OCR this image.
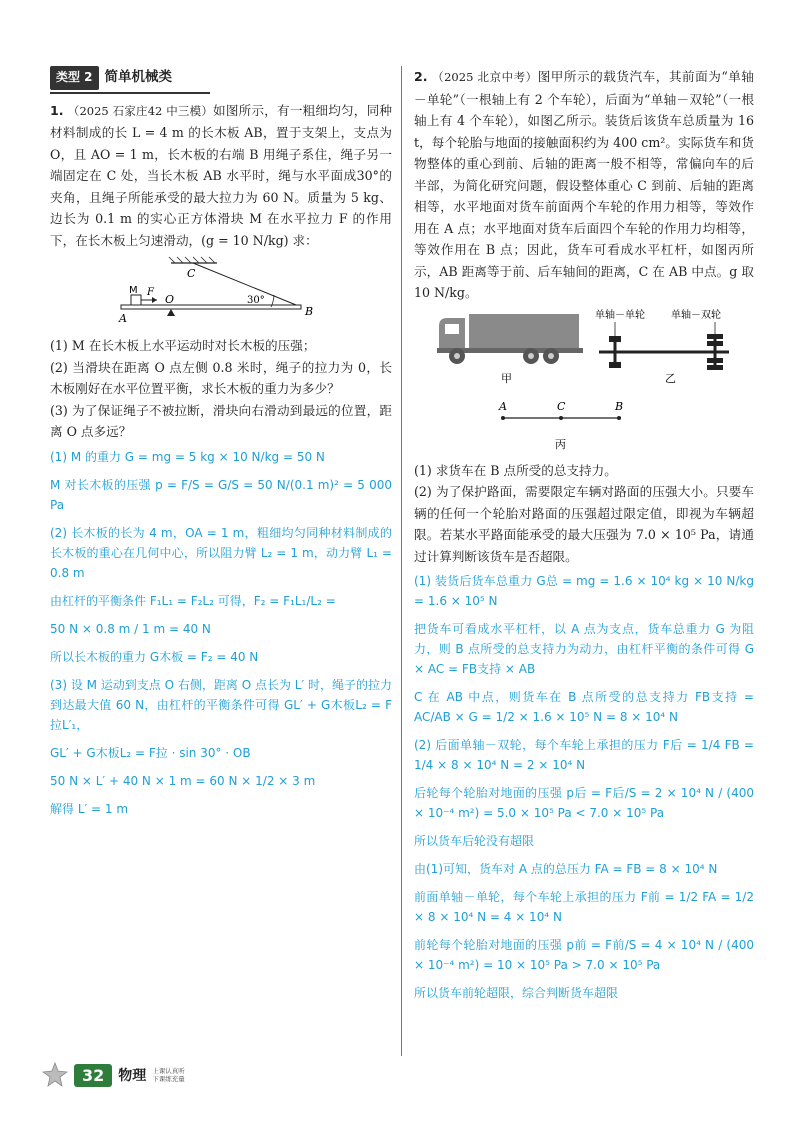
类型 2 简单机械类

1. （2025 石家庄42 中三模）如图所示，有一粗细均匀，同种材料制成的长 L = 4 m 的长木板 AB，置于支架上，支点为 O，且 AO = 1 m，长木板的右端 B 用绳子系住，绳子另一端固定在 C 处，当长木板 AB 水平时，绳与水平面成30°的夹角，且绳子所能承受的最大拉力为 60 N。质量为 5 kg、边长为 0.1 m 的实心正方体滑块 M 在水平拉力 F 的作用下，在长木板上匀速滑动，(g = 10 N/kg) 求：

C
M F
O
A
B
30°

(1) M 在长木板上水平运动时对长木板的压强；

(2) 当滑块在距离 O 点左侧 0.8 米时，绳子的拉力为 0，长木板刚好在水平位置平衡，求长木板的重力为多少？

(3) 为了保证绳子不被拉断，滑块向右滑动到最远的位置，距离 O 点多远？

(1) M 的重力 G = mg = 5 kg × 10 N/kg = 50 N

M 对长木板的压强 p = F/S = G/S = 50 N/(0.1 m)² = 5 000 Pa

(2) 长木板的长为 4 m，OA = 1 m，粗细均匀同种材料制成的长木板的重心在几何中心，所以阻力臂 L₂ = 1 m，动力臂 L₁ = 0.8 m

由杠杆的平衡条件 F₁L₁ = F₂L₂ 可得，F₂ = F₁L₁/L₂ =

50 N × 0.8 m / 1 m = 40 N

所以长木板的重力 G木板 = F₂ = 40 N

(3) 设 M 运动到支点 O 右侧，距离 O 点长为 L′ 时，绳子的拉力到达最大值 60 N，由杠杆的平衡条件可得 GL′ + G木板L₂ = F拉L′₁，

GL′ + G木板L₂ = F拉 · sin 30° · OB

50 N × L′ + 40 N × 1 m = 60 N × 1/2 × 3 m

解得 L′ = 1 m

2. （2025 北京中考）图甲所示的载货汽车，其前面为“单轴－单轮”（一根轴上有 2 个车轮），后面为“单轴－双轮”（一根轴上有 4 个车轮），如图乙所示。装货后该货车总质量为 16 t，每个轮胎与地面的接触面积约为 400 cm²。实际货车和货物整体的重心到前、后轴的距离一般不相等，常偏向车的后半部，为简化研究问题，假设整体重心 C 到前、后轴的距离相等，水平地面对货车前面两个车轮的作用力相等，等效作用在 A 点；水平地面对货车后面四个车轮的作用力均相等，等效作用在 B 点；因此，货车可看成水平杠杆，如图丙所示，AB 距离等于前、后车轴间的距离，C 在 AB 中点。g 取 10 N/kg。

甲
单轴－单轮	单轴－双轮
乙
A	C	B
丙

(1) 求货车在 B 点所受的总支持力。

(2) 为了保护路面，需要限定车辆对路面的压强大小。只要车辆的任何一个轮胎对路面的压强超过限定值，即视为车辆超限。若某水平路面能承受的最大压强为 7.0 × 10⁵ Pa，请通过计算判断该货车是否超限。

(1) 装货后货车总重力 G总 = mg = 1.6 × 10⁴ kg × 10 N/kg = 1.6 × 10⁵ N

把货车可看成水平杠杆，以 A 点为支点，货车总重力 G 为阻力，则 B 点所受的总支持力为动力，由杠杆平衡的条件可得 G × AC = FB支持 × AB

C 在 AB 中点，则货车在 B 点所受的总支持力 FB支持 = AC/AB × G = 1/2 × 1.6 × 10⁵ N = 8 × 10⁴ N

(2) 后面单轴－双轮，每个车轮上承担的压力 F后 = 1/4 FB = 1/4 × 8 × 10⁴ N = 2 × 10⁴ N

后轮每个轮胎对地面的压强 p后 = F后/S = 2 × 10⁴ N / (400 × 10⁻⁴ m²) = 5.0 × 10⁵ Pa < 7.0 × 10⁵ Pa

所以货车后轮没有超限

由(1)可知，货车对 A 点的总压力 FA = FB = 8 × 10⁴ N

前面单轴－单轮，每个车轮上承担的压力 F前 = 1/2 FA = 1/2 × 8 × 10⁴ N = 4 × 10⁴ N

前轮每个轮胎对地面的压强 p前 = F前/S = 4 × 10⁴ N / (400 × 10⁻⁴ m²) = 10 × 10⁵ Pa > 7.0 × 10⁵ Pa

所以货车前轮超限，综合判断货车超限

32	物理 上课认真听
下课练充量
